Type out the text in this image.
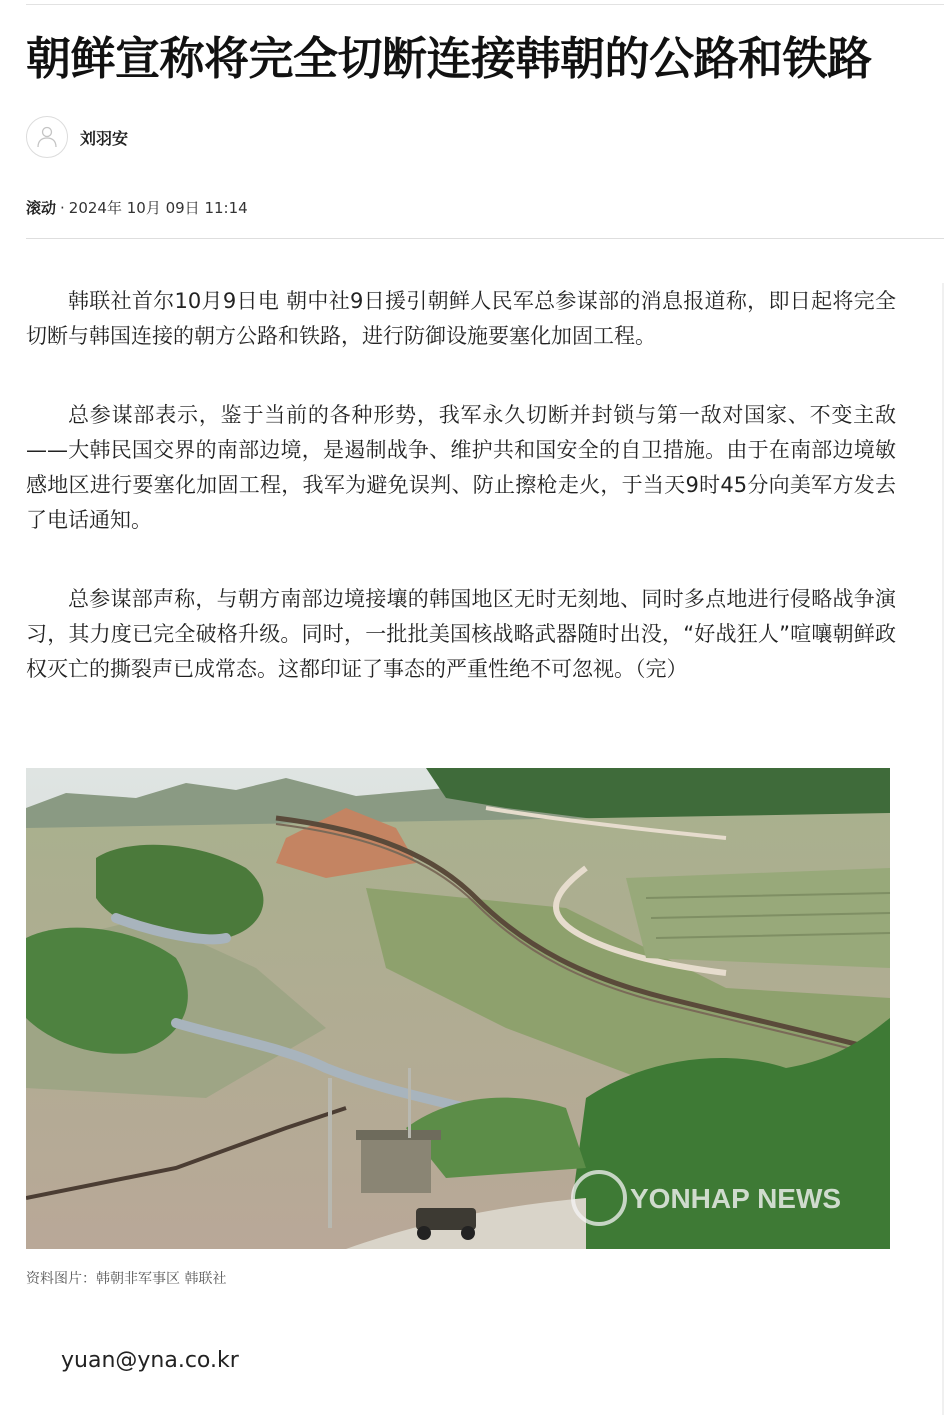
朝鲜宣称将完全切断连接韩朝的公路和铁路
刘羽安
滚动 · 2024年 10月 09日 11:14

韩联社首尔10月9日电 朝中社9日援引朝鲜人民军总参谋部的消息报道称，即日起将完全切断与韩国连接的朝方公路和铁路，进行防御设施要塞化加固工程。

总参谋部表示，鉴于当前的各种形势，我军永久切断并封锁与第一敌对国家、不变主敌——大韩民国交界的南部边境，是遏制战争、维护共和国安全的自卫措施。由于在南部边境敏感地区进行要塞化加固工程，我军为避免误判、防止擦枪走火，于当天9时45分向美军方发去了电话通知。

总参谋部声称，与朝方南部边境接壤的韩国地区无时无刻地、同时多点地进行侵略战争演习，其力度已完全破格升级。同时，一批批美国核战略武器随时出没，“好战狂人”喧嚷朝鲜政权灭亡的撕裂声已成常态。这都印证了事态的严重性绝不可忽视。（完）

YONHAP NEWS
资料图片：韩朝非军事区 韩联社
yuan@yna.co.kr
